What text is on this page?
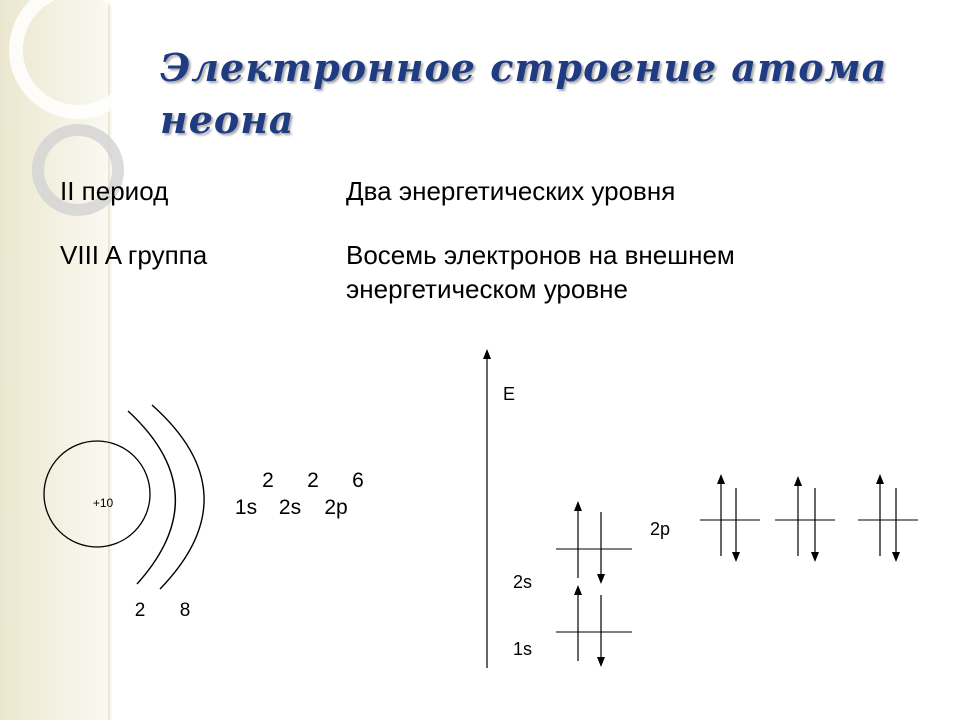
Электронное строение атома неона
II период	Два энергетических уровня
VIII A группа	Восемь электронов на внешнем энергетическом уровне
+10
2 8
2 2 6
1s 2s 2p
E
1s
2s
2p
